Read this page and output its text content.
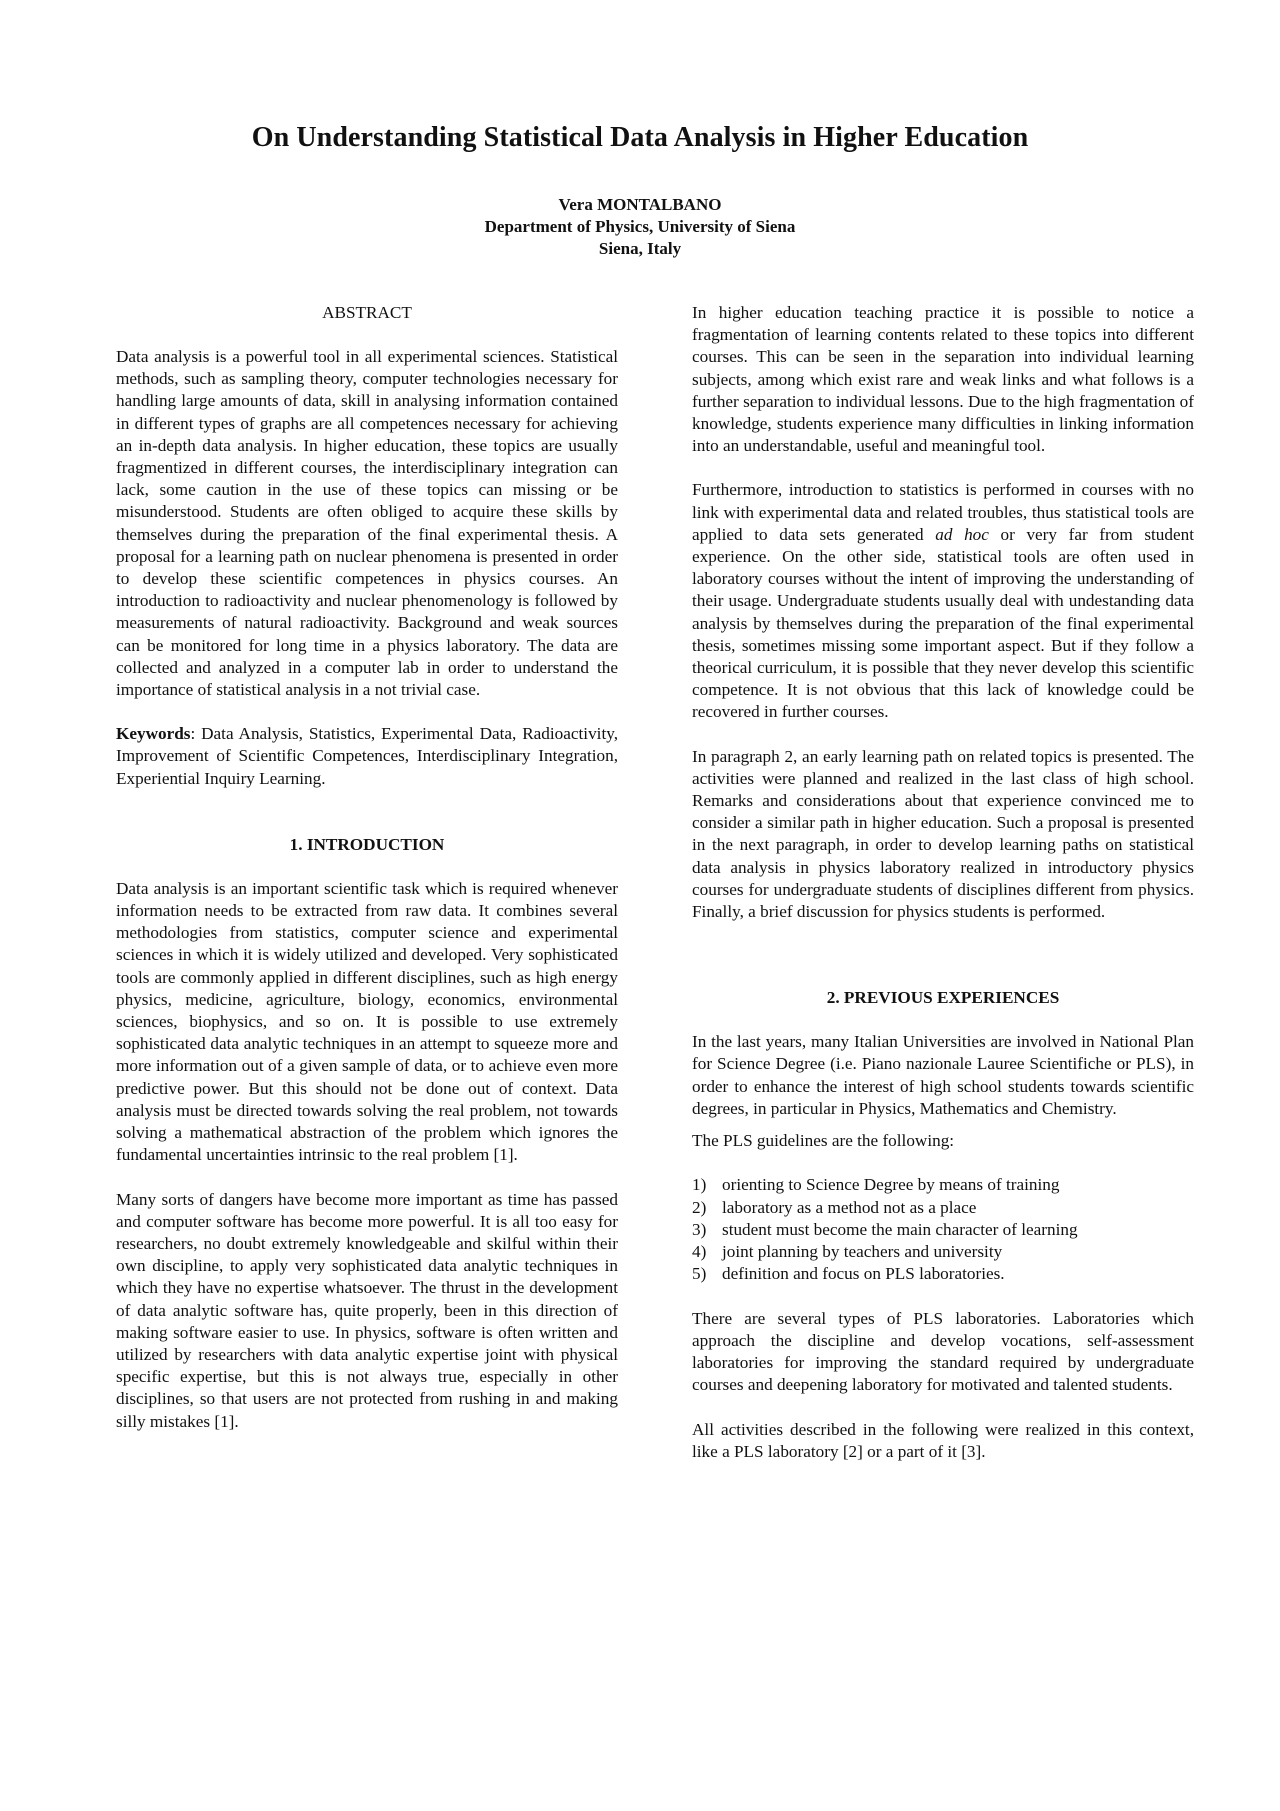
On Understanding Statistical Data Analysis in Higher Education
Vera MONTALBANO
Department of Physics, University of Siena
Siena, Italy
ABSTRACT

Data analysis is a powerful tool in all experimental sciences. Statistical methods, such as sampling theory, computer technologies necessary for handling large amounts of data, skill in analysing information contained in different types of graphs are all competences necessary for achieving an in-depth data analysis. In higher education, these topics are usually fragmentized in different courses, the interdisciplinary integration can lack, some caution in the use of these topics can missing or be misunderstood. Students are often obliged to acquire these skills by themselves during the preparation of the final experimental thesis. A proposal for a learning path on nuclear phenomena is presented in order to develop these scientific competences in physics courses. An introduction to radioactivity and nuclear phenomenology is followed by measurements of natural radioactivity. Background and weak sources can be monitored for long time in a physics laboratory. The data are collected and analyzed in a computer lab in order to understand the importance of statistical analysis in a not trivial case.

Keywords: Data Analysis, Statistics, Experimental Data, Radioactivity, Improvement of Scientific Competences, Interdisciplinary Integration, Experiential Inquiry Learning.

1. INTRODUCTION

Data analysis is an important scientific task which is required whenever information needs to be extracted from raw data. It combines several methodologies from statistics, computer science and experimental sciences in which it is widely utilized and developed. Very sophisticated tools are commonly applied in different disciplines, such as high energy physics, medicine, agriculture, biology, economics, environmental sciences, biophysics, and so on. It is possible to use extremely sophisticated data analytic techniques in an attempt to squeeze more and more information out of a given sample of data, or to achieve even more predictive power. But this should not be done out of context. Data analysis must be directed towards solving the real problem, not towards solving a mathematical abstraction of the problem which ignores the fundamental uncertainties intrinsic to the real problem [1].

Many sorts of dangers have become more important as time has passed and computer software has become more powerful. It is all too easy for researchers, no doubt extremely knowledgeable and skilful within their own discipline, to apply very sophisticated data analytic techniques in which they have no expertise whatsoever. The thrust in the development of data analytic software has, quite properly, been in this direction of making software easier to use. In physics, software is often written and utilized by researchers with data analytic expertise joint with physical specific expertise, but this is not always true, especially in other disciplines, so that users are not protected from rushing in and making silly mistakes [1].

In higher education teaching practice it is possible to notice a fragmentation of learning contents related to these topics into different courses. This can be seen in the separation into individual learning subjects, among which exist rare and weak links and what follows is a further separation to individual lessons. Due to the high fragmentation of knowledge, students experience many difficulties in linking information into an understandable, useful and meaningful tool.

Furthermore, introduction to statistics is performed in courses with no link with experimental data and related troubles, thus statistical tools are applied to data sets generated ad hoc or very far from student experience. On the other side, statistical tools are often used in laboratory courses without the intent of improving the understanding of their usage. Undergraduate students usually deal with undestanding data analysis by themselves during the preparation of the final experimental thesis, sometimes missing some important aspect. But if they follow a theorical curriculum, it is possible that they never develop this scientific competence. It is not obvious that this lack of knowledge could be recovered in further courses.

In paragraph 2, an early learning path on related topics is presented. The activities were planned and realized in the last class of high school. Remarks and considerations about that experience convinced me to consider a similar path in higher education. Such a proposal is presented in the next paragraph, in order to develop learning paths on statistical data analysis in physics laboratory realized in introductory physics courses for undergraduate students of disciplines different from physics. Finally, a brief discussion for physics students is performed.

2. PREVIOUS EXPERIENCES

In the last years, many Italian Universities are involved in National Plan for Science Degree (i.e. Piano nazionale Lauree Scientifiche or PLS), in order to enhance the interest of high school students towards scientific degrees, in particular in Physics, Mathematics and Chemistry.

The PLS guidelines are the following:

1) orienting to Science Degree by means of training
2) laboratory as a method not as a place
3) student must become the main character of learning
4) joint planning by teachers and university
5) definition and focus on PLS laboratories.

There are several types of PLS laboratories. Laboratories which approach the discipline and develop vocations, self-assessment laboratories for improving the standard required by undergraduate courses and deepening laboratory for motivated and talented students.

All activities described in the following were realized in this context, like a PLS laboratory [2] or a part of it [3].
